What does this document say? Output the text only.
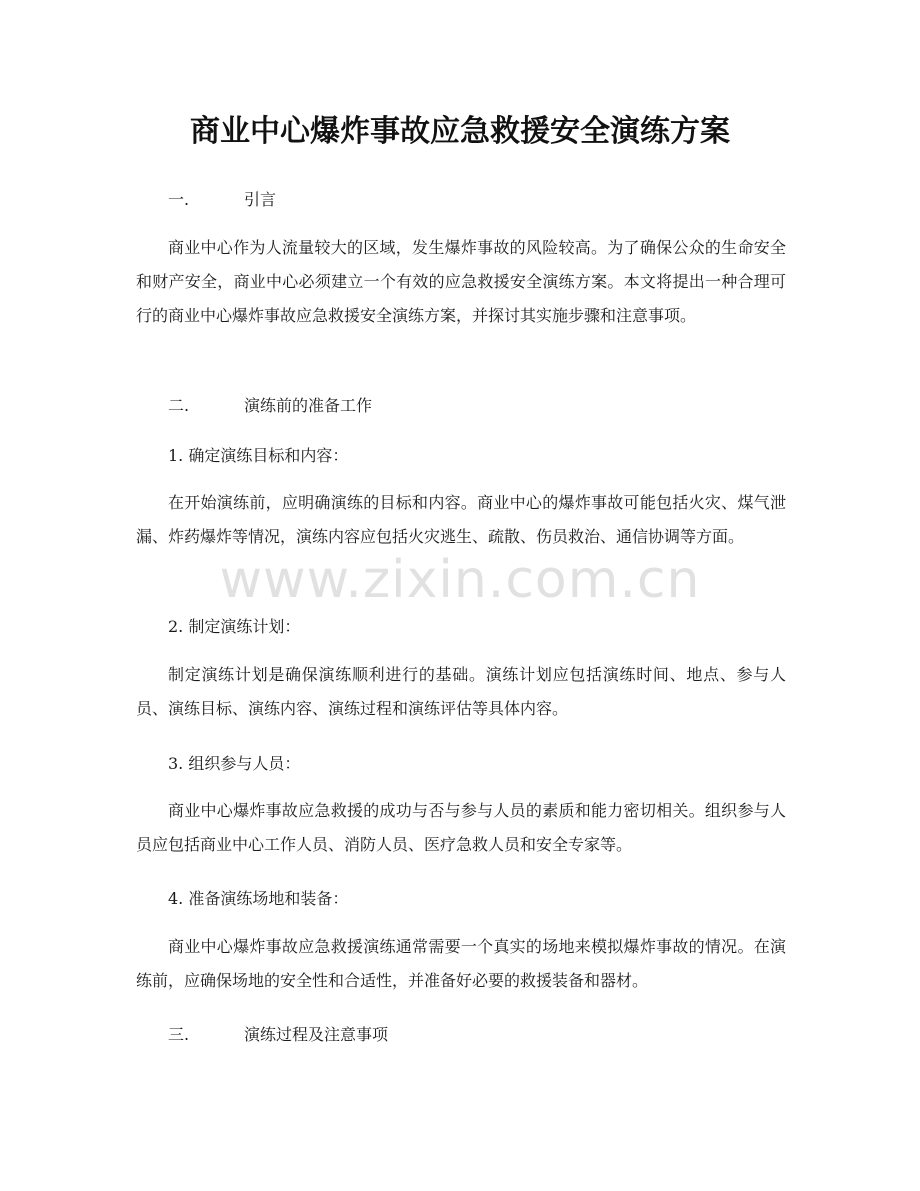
商业中心爆炸事故应急救援安全演练方案
一.	引言

商业中心作为人流量较大的区域，发生爆炸事故的风险较高。为了确保公众的生命安全和财产安全，商业中心必须建立一个有效的应急救援安全演练方案。本文将提出一种合理可行的商业中心爆炸事故应急救援安全演练方案，并探讨其实施步骤和注意事项。

二.	演练前的准备工作
1. 确定演练目标和内容：

在开始演练前，应明确演练的目标和内容。商业中心的爆炸事故可能包括火灾、煤气泄漏、炸药爆炸等情况，演练内容应包括火灾逃生、疏散、伤员救治、通信协调等方面。

2. 制定演练计划：

制定演练计划是确保演练顺利进行的基础。演练计划应包括演练时间、地点、参与人员、演练目标、演练内容、演练过程和演练评估等具体内容。

3. 组织参与人员：

商业中心爆炸事故应急救援的成功与否与参与人员的素质和能力密切相关。组织参与人员应包括商业中心工作人员、消防人员、医疗急救人员和安全专家等。

4. 准备演练场地和装备：

商业中心爆炸事故应急救援演练通常需要一个真实的场地来模拟爆炸事故的情况。在演练前，应确保场地的安全性和合适性，并准备好必要的救援装备和器材。

三.	演练过程及注意事项
www.zixin.com.cn
